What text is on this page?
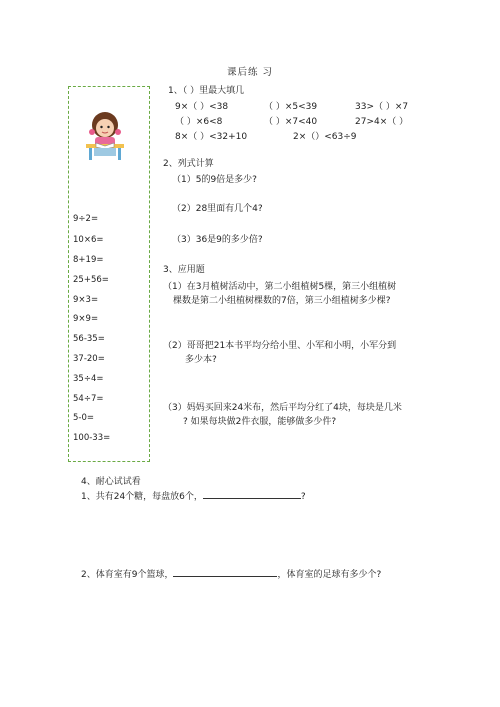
课后练 习
9÷2=
10×6=
8+19=
25+56=
9×3=
9×9=
56-35=
37-20=
35÷4=
54÷7=
5-0=
100-33=
1、（ ）里最大填几
9×（ ）<38	（ ）×5<39	33>（ ）×7
（ ）×6<8	（ ）×7<40	27>4×（ ）
8×（ ）<32+10	2×（）<63÷9
2、列式计算
（1）5的9倍是多少?
（2）28里面有几个4?
（3）36是9的多少倍?
3、应用题
（1）在3月植树活动中，第二小组植树5棵，第三小组植树
棵数是第二小组植树棵数的7倍，第三小组植树多少棵?
（2）哥哥把21本书平均分给小里、小军和小明，小军分到
多少本?
（3）妈妈买回来24米布，然后平均分红了4块，每块是几米
? 如果每块做2件衣服，能够做多少件?
4、耐心试试看
1、共有24个糖，每盘放6个，	?
2、体育室有9个篮球，	，体育室的足球有多少个?
